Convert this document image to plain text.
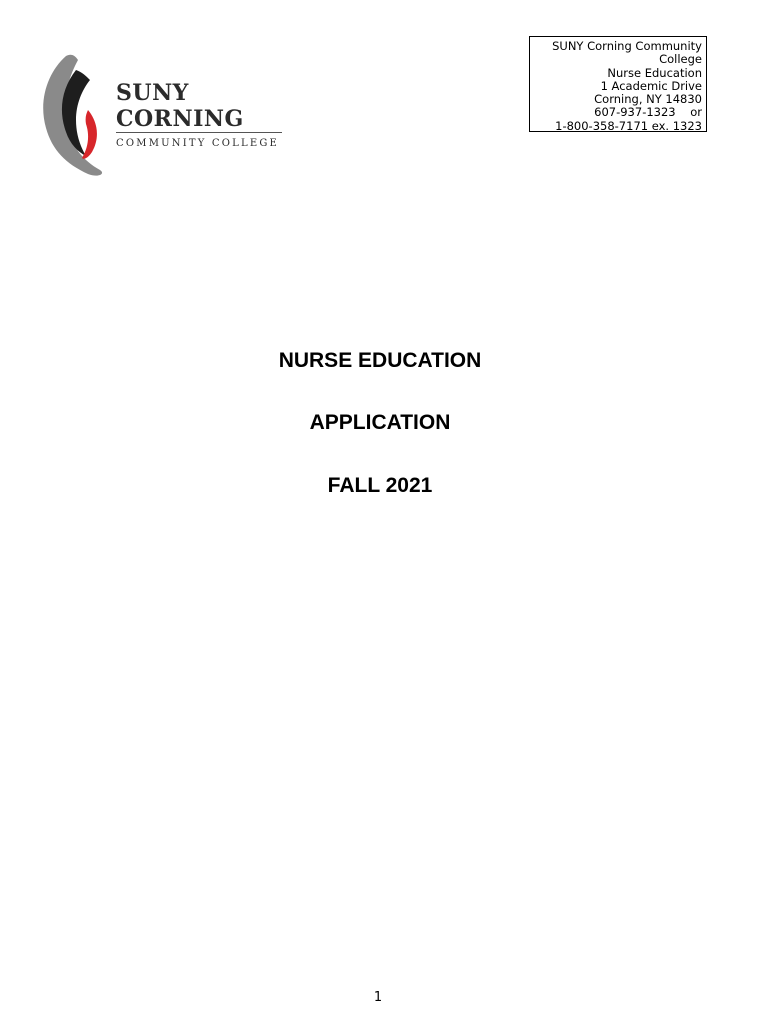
SUNY
CORNING
COMMUNITY COLLEGE
SUNY Corning Community
College
Nurse Education
1 Academic Drive
Corning, NY 14830
607-937-1323    or
1-800-358-7171 ex. 1323
NURSE EDUCATION
APPLICATION
FALL 2021
1
